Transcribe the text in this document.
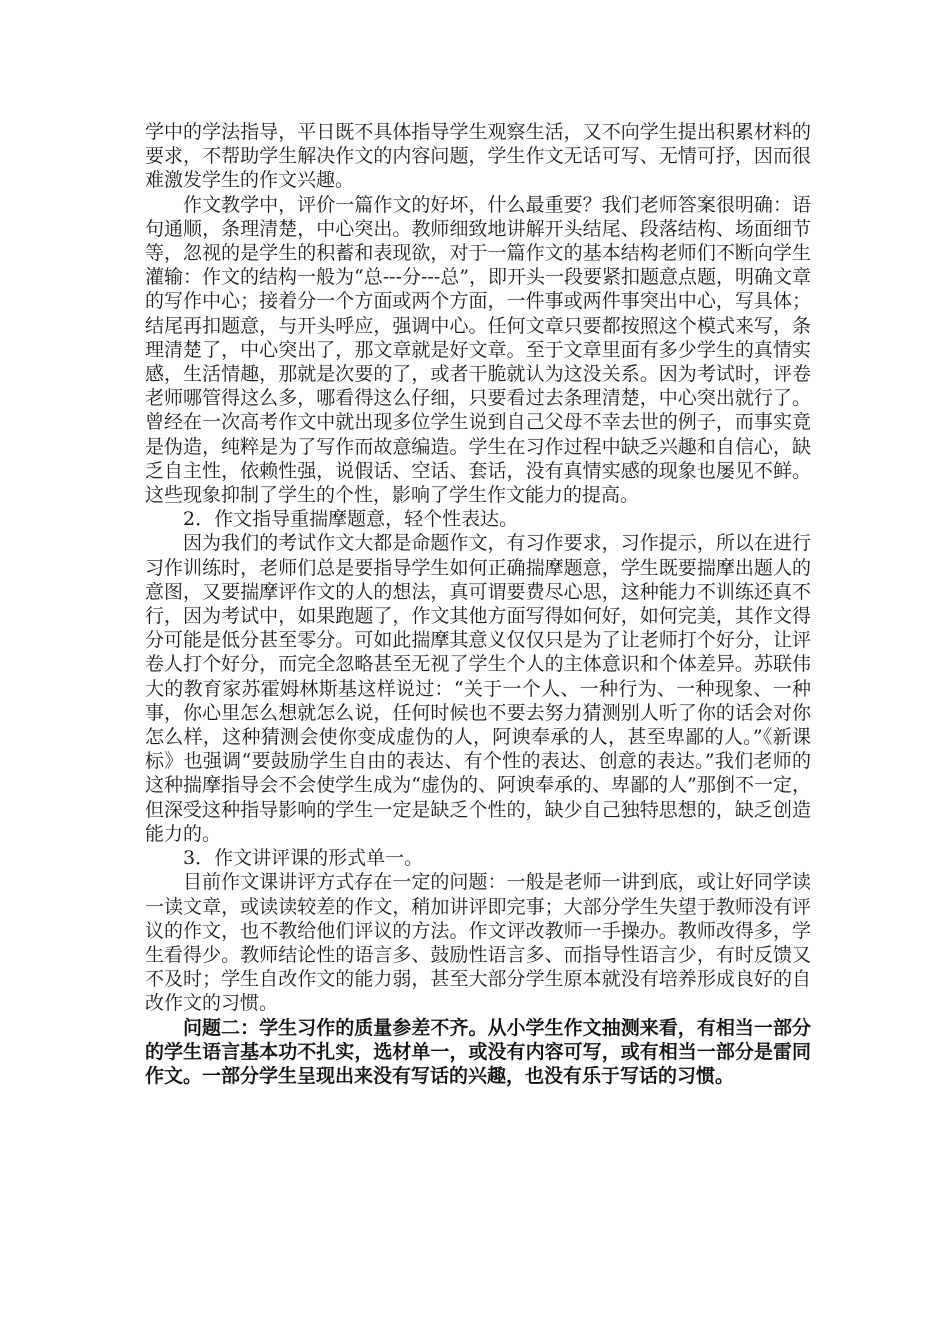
学中的学法指导，平日既不具体指导学生观察生活，又不向学生提出积累材料的要求，不帮助学生解决作文的内容问题，学生作文无话可写、无情可抒，因而很难激发学生的作文兴趣。

作文教学中，评价一篇作文的好坏，什么最重要？我们老师答案很明确：语句通顺，条理清楚，中心突出。教师细致地讲解开头结尾、段落结构、场面细节等，忽视的是学生的积蓄和表现欲，对于一篇作文的基本结构老师们不断向学生灌输：作文的结构一般为“总---分---总”，即开头一段要紧扣题意点题，明确文章的写作中心；接着分一个方面或两个方面，一件事或两件事突出中心，写具体；结尾再扣题意，与开头呼应，强调中心。任何文章只要都按照这个模式来写，条理清楚了，中心突出了，那文章就是好文章。至于文章里面有多少学生的真情实感，生活情趣，那就是次要的了，或者干脆就认为这没关系。因为考试时，评卷老师哪管得这么多，哪看得这么仔细，只要看过去条理清楚，中心突出就行了。曾经在一次高考作文中就出现多位学生说到自己父母不幸去世的例子，而事实竟是伪造，纯粹是为了写作而故意编造。学生在习作过程中缺乏兴趣和自信心，缺乏自主性，依赖性强，说假话、空话、套话，没有真情实感的现象也屡见不鲜。这些现象抑制了学生的个性，影响了学生作文能力的提高。

2．作文指导重揣摩题意，轻个性表达。

因为我们的考试作文大都是命题作文，有习作要求，习作提示，所以在进行习作训练时，老师们总是要指导学生如何正确揣摩题意，学生既要揣摩出题人的意图，又要揣摩评作文的人的想法，真可谓要费尽心思，这种能力不训练还真不行，因为考试中，如果跑题了，作文其他方面写得如何好，如何完美，其作文得分可能是低分甚至零分。可如此揣摩其意义仅仅只是为了让老师打个好分，让评卷人打个好分，而完全忽略甚至无视了学生个人的主体意识和个体差异。苏联伟大的教育家苏霍姆林斯基这样说过：“关于一个人、一种行为、一种现象、一种事，你心里怎么想就怎么说，任何时候也不要去努力猜测别人听了你的话会对你怎么样，这种猜测会使你变成虚伪的人，阿谀奉承的人，甚至卑鄙的人。”《新课标》也强调“要鼓励学生自由的表达、有个性的表达、创意的表达。”我们老师的这种揣摩指导会不会使学生成为“虚伪的、阿谀奉承的、卑鄙的人”那倒不一定，但深受这种指导影响的学生一定是缺乏个性的，缺少自己独特思想的，缺乏创造能力的。

3．作文讲评课的形式单一。

目前作文课讲评方式存在一定的问题：一般是老师一讲到底，或让好同学读一读文章，或读读较差的作文，稍加讲评即完事；大部分学生失望于教师没有评议的作文，也不教给他们评议的方法。作文评改教师一手操办。教师改得多，学生看得少。教师结论性的语言多、鼓励性语言多、而指导性语言少，有时反馈又不及时；学生自改作文的能力弱，甚至大部分学生原本就没有培养形成良好的自改作文的习惯。

问题二：学生习作的质量参差不齐。从小学生作文抽测来看，有相当一部分的学生语言基本功不扎实，选材单一，或没有内容可写，或有相当一部分是雷同作文。一部分学生呈现出来没有写话的兴趣，也没有乐于写话的习惯。
